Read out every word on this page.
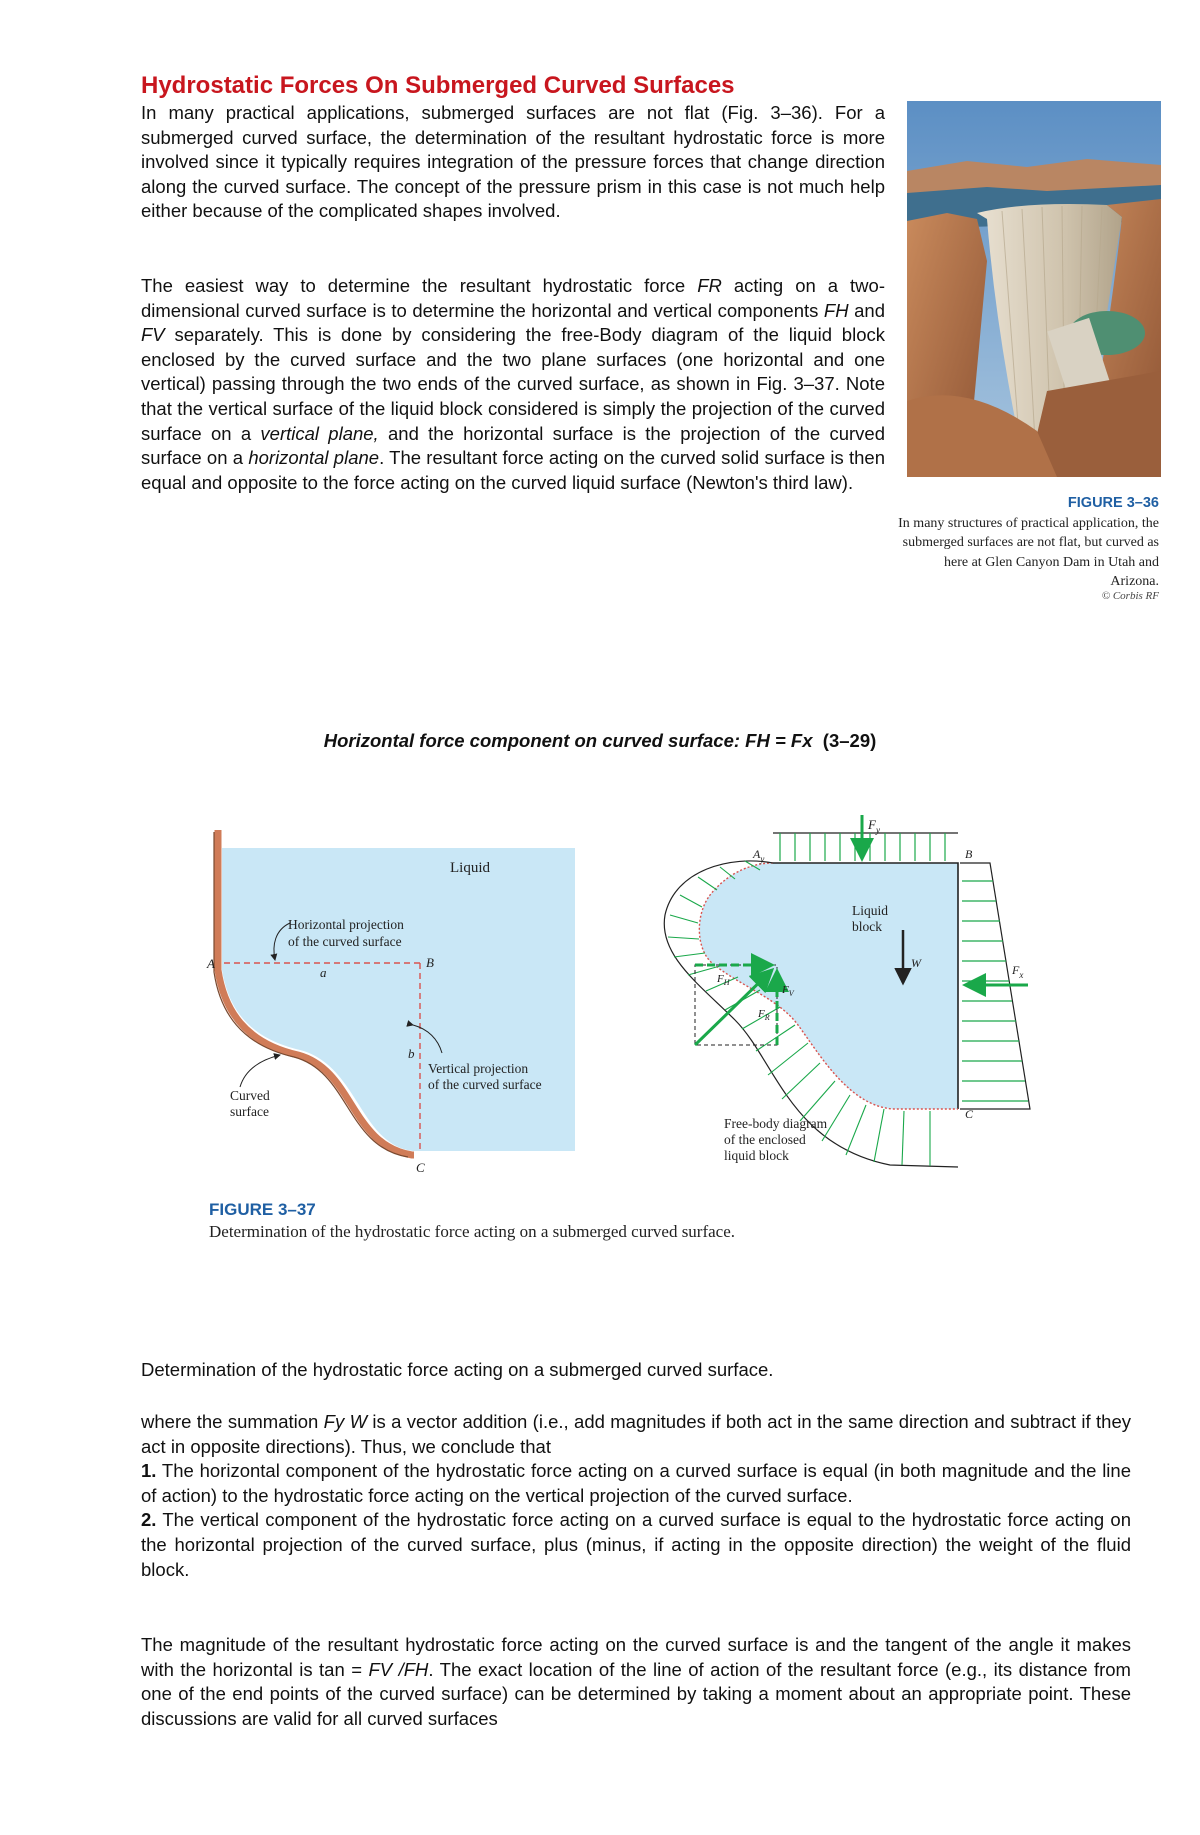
Hydrostatic Forces On Submerged Curved Surfaces
In many practical applications, submerged surfaces are not flat (Fig. 3–36). For a submerged curved surface, the determination of the resultant hydrostatic force is more involved since it typically requires integration of the pressure forces that change direction along the curved surface. The concept of the pressure prism in this case is not much help either because of the complicated shapes involved.
The easiest way to determine the resultant hydrostatic force FR acting on a two-dimensional curved surface is to determine the horizontal and vertical components FH and FV separately. This is done by considering the free-Body diagram of the liquid block enclosed by the curved surface and the two plane surfaces (one horizontal and one vertical) passing through the two ends of the curved surface, as shown in Fig. 3–37. Note that the vertical surface of the liquid block considered is simply the projection of the curved surface on a vertical plane, and the horizontal surface is the projection of the curved surface on a horizontal plane. The resultant force acting on the curved solid surface is then equal and opposite to the force acting on the curved liquid surface (Newton's third law).
FIGURE 3–36
In many structures of practical application, the submerged surfaces are not flat, but curved as here at Glen Canyon Dam in Utah and Arizona.
© Corbis RF
Horizontal force component on curved surface: FH = Fx (3–29)
Liquid
Horizontal projection
of the curved surface
A
a
B
b
Vertical projection
of the curved surface
Curved
surface
C
$F_y$
$A_y$	B
Liquid
block
W	$F_x$
$F_H$
$F_V$
$F_R$
C
Free-body diagram
of the enclosed
liquid block
FIGURE 3–37
Determination of the hydrostatic force acting on a submerged curved surface.
Determination of the hydrostatic force acting on a submerged curved surface.
where the summation Fy W is a vector addition (i.e., add magnitudes if both act in the same direction and subtract if they act in opposite directions). Thus, we conclude that
1. The horizontal component of the hydrostatic force acting on a curved surface is equal (in both magnitude and the line of action) to the hydrostatic force acting on the vertical projection of the curved surface.
2. The vertical component of the hydrostatic force acting on a curved surface is equal to the hydrostatic force acting on the horizontal projection of the curved surface, plus (minus, if acting in the opposite direction) the weight of the fluid block.
The magnitude of the resultant hydrostatic force acting on the curved surface is and the tangent of the angle it makes with the horizontal is tan = FV /FH. The exact location of the line of action of the resultant force (e.g., its distance from one of the end points of the curved surface) can be determined by taking a moment about an appropriate point. These discussions are valid for all curved surfaces
